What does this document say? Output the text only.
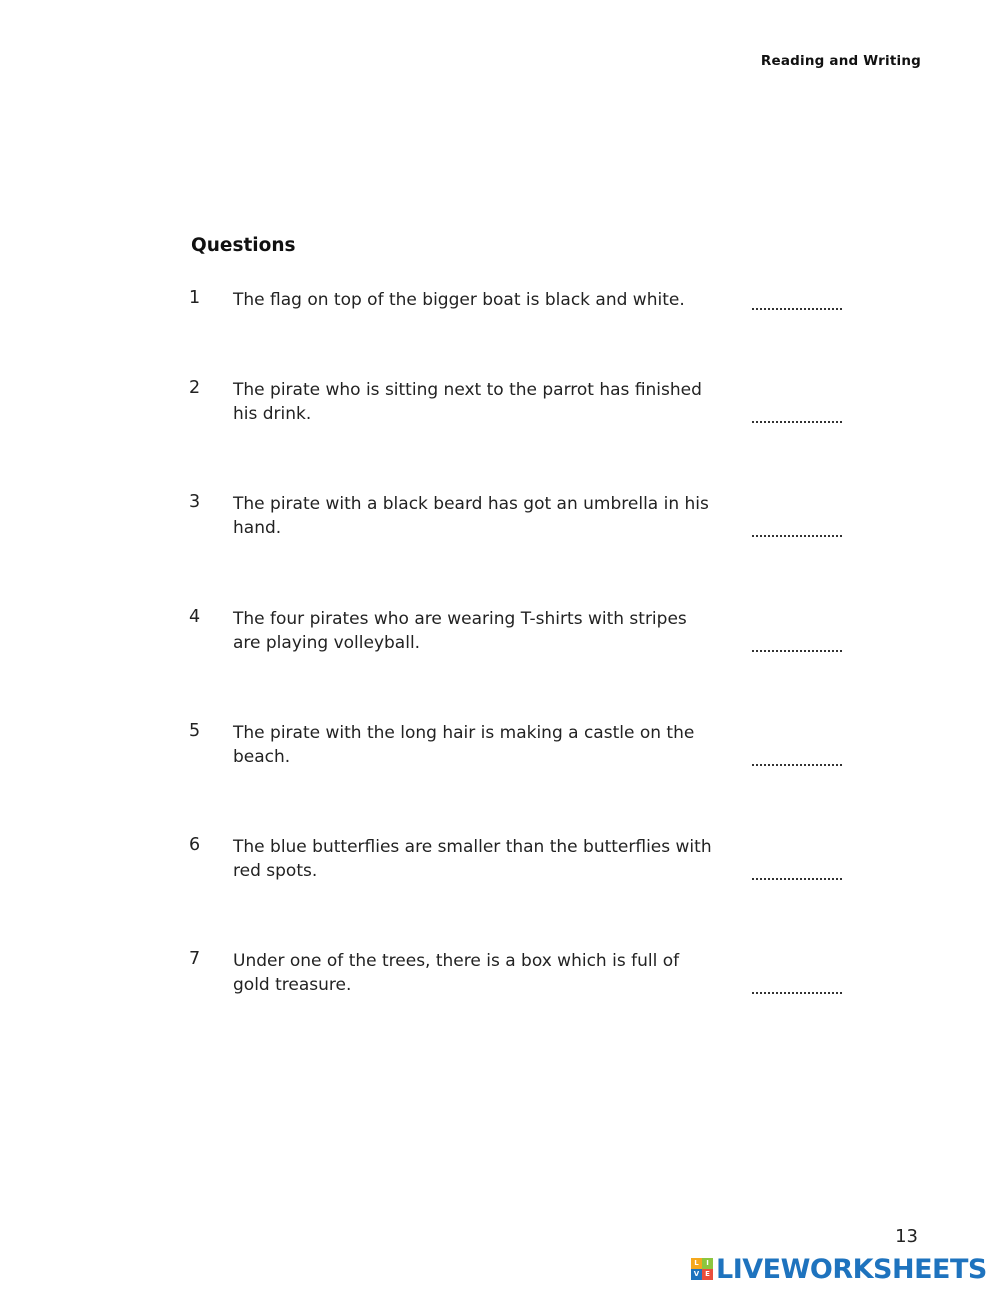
Reading and Writing
Questions
1 The flag on top of the bigger boat is black and white.
2 The pirate who is sitting next to the parrot has finished his drink.
3 The pirate with a black beard has got an umbrella in his hand.
4 The four pirates who are wearing T-shirts with stripes are playing volleyball.
5 The pirate with the long hair is making a castle on the beach.
6 The blue butterflies are smaller than the butterflies with red spots.
7 Under one of the trees, there is a box which is full of gold treasure.
13
L	I
V E LIVEWORKSHEETS
